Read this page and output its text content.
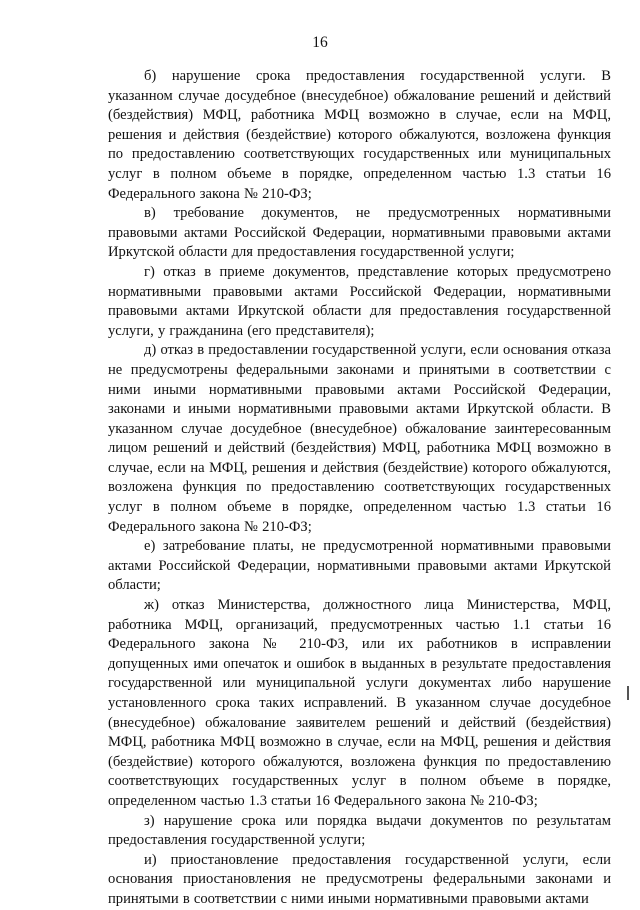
16

б) нарушение срока предоставления государственной услуги. В указанном случае досудебное (внесудебное) обжалование решений и действий (бездействия) МФЦ, работника МФЦ возможно в случае, если на МФЦ, решения и действия (бездействие) которого обжалуются, возложена функция по предоставлению соответствующих государственных или муниципальных услуг в полном объеме в порядке, определенном частью 1.3 статьи 16 Федерального закона № 210-ФЗ;

в) требование документов, не предусмотренных нормативными правовыми актами Российской Федерации, нормативными правовыми актами Иркутской области для предоставления государственной услуги;

г) отказ в приеме документов, представление которых предусмотрено нормативными правовыми актами Российской Федерации, нормативными правовыми актами Иркутской области для предоставления государственной услуги, у гражданина (его представителя);

д) отказ в предоставлении государственной услуги, если основания отказа не предусмотрены федеральными законами и принятыми в соответствии с ними иными нормативными правовыми актами Российской Федерации, законами и иными нормативными правовыми актами Иркутской области. В указанном случае досудебное (внесудебное) обжалование заинтересованным лицом решений и действий (бездействия) МФЦ, работника МФЦ возможно в случае, если на МФЦ, решения и действия (бездействие) которого обжалуются, возложена функция по предоставлению соответствующих государственных услуг в полном объеме в порядке, определенном частью 1.3 статьи 16 Федерального закона № 210-ФЗ;

е) затребование платы, не предусмотренной нормативными правовыми актами Российской Федерации, нормативными правовыми актами Иркутской области;

ж) отказ Министерства, должностного лица Министерства, МФЦ, работника МФЦ, организаций, предусмотренных частью 1.1 статьи 16 Федерального закона № 210-ФЗ, или их работников в исправлении допущенных ими опечаток и ошибок в выданных в результате предоставления государственной или муниципальной услуги документах либо нарушение установленного срока таких исправлений. В указанном случае досудебное (внесудебное) обжалование заявителем решений и действий (бездействия) МФЦ, работника МФЦ возможно в случае, если на МФЦ, решения и действия (бездействие) которого обжалуются, возложена функция по предоставлению соответствующих государственных услуг в полном объеме в порядке, определенном частью 1.3 статьи 16 Федерального закона № 210-ФЗ;

з) нарушение срока или порядка выдачи документов по результатам предоставления государственной услуги;

и) приостановление предоставления государственной услуги, если основания приостановления не предусмотрены федеральными законами и принятыми в соответствии с ними иными нормативными правовыми актами
